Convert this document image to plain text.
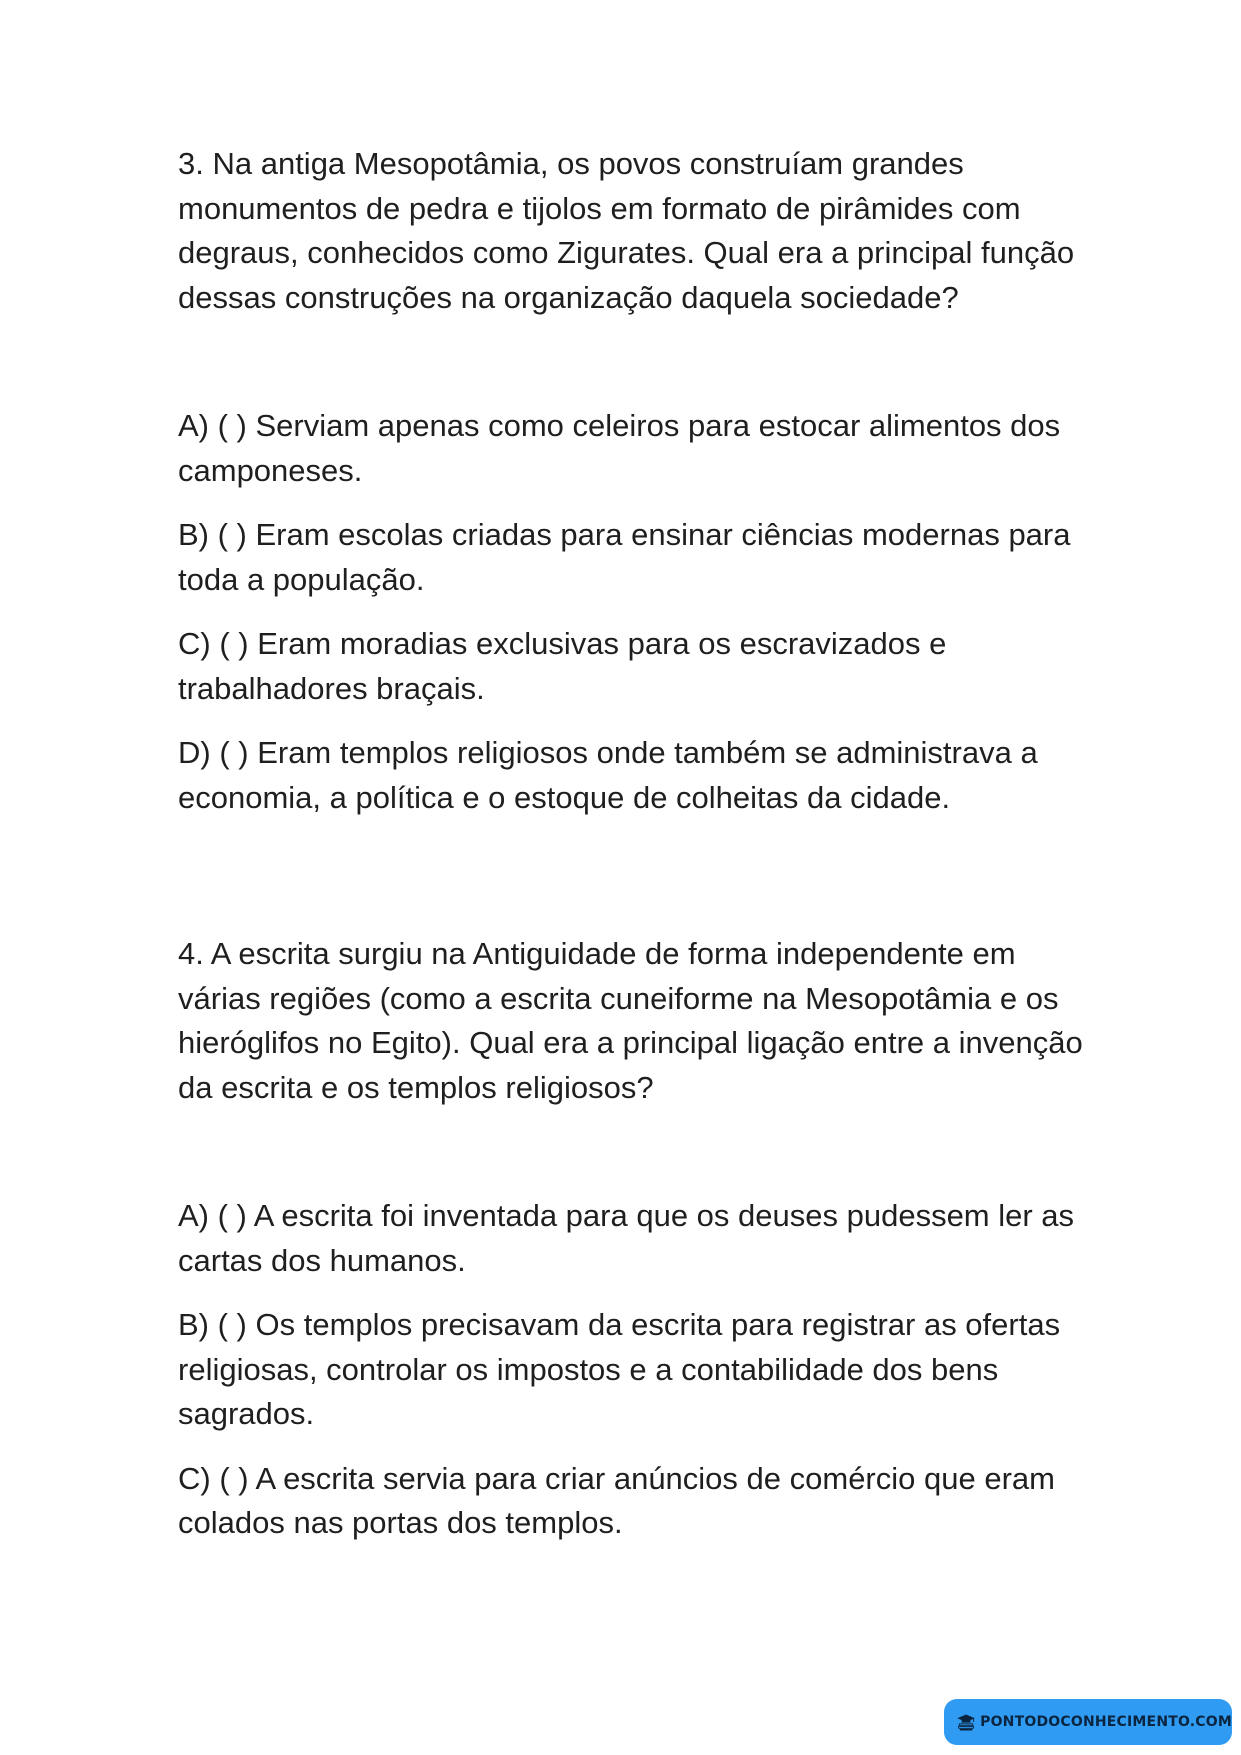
3. Na antiga Mesopotâmia, os povos construíam grandes monumentos de pedra e tijolos em formato de pirâmides com degraus, conhecidos como Zigurates. Qual era a principal função dessas construções na organização daquela sociedade?

A) ( ) Serviam apenas como celeiros para estocar alimentos dos camponeses.

B) ( ) Eram escolas criadas para ensinar ciências modernas para toda a população.

C) ( ) Eram moradias exclusivas para os escravizados e trabalhadores braçais.

D) ( ) Eram templos religiosos onde também se administrava a economia, a política e o estoque de colheitas da cidade.

4. A escrita surgiu na Antiguidade de forma independente em várias regiões (como a escrita cuneiforme na Mesopotâmia e os hieróglifos no Egito). Qual era a principal ligação entre a invenção da escrita e os templos religiosos?

A) ( ) A escrita foi inventada para que os deuses pudessem ler as cartas dos humanos.

B) ( ) Os templos precisavam da escrita para registrar as ofertas religiosas, controlar os impostos e a contabilidade dos bens sagrados.

C) ( ) A escrita servia para criar anúncios de comércio que eram colados nas portas dos templos.

PONTODOCONHECIMENTO.COM
